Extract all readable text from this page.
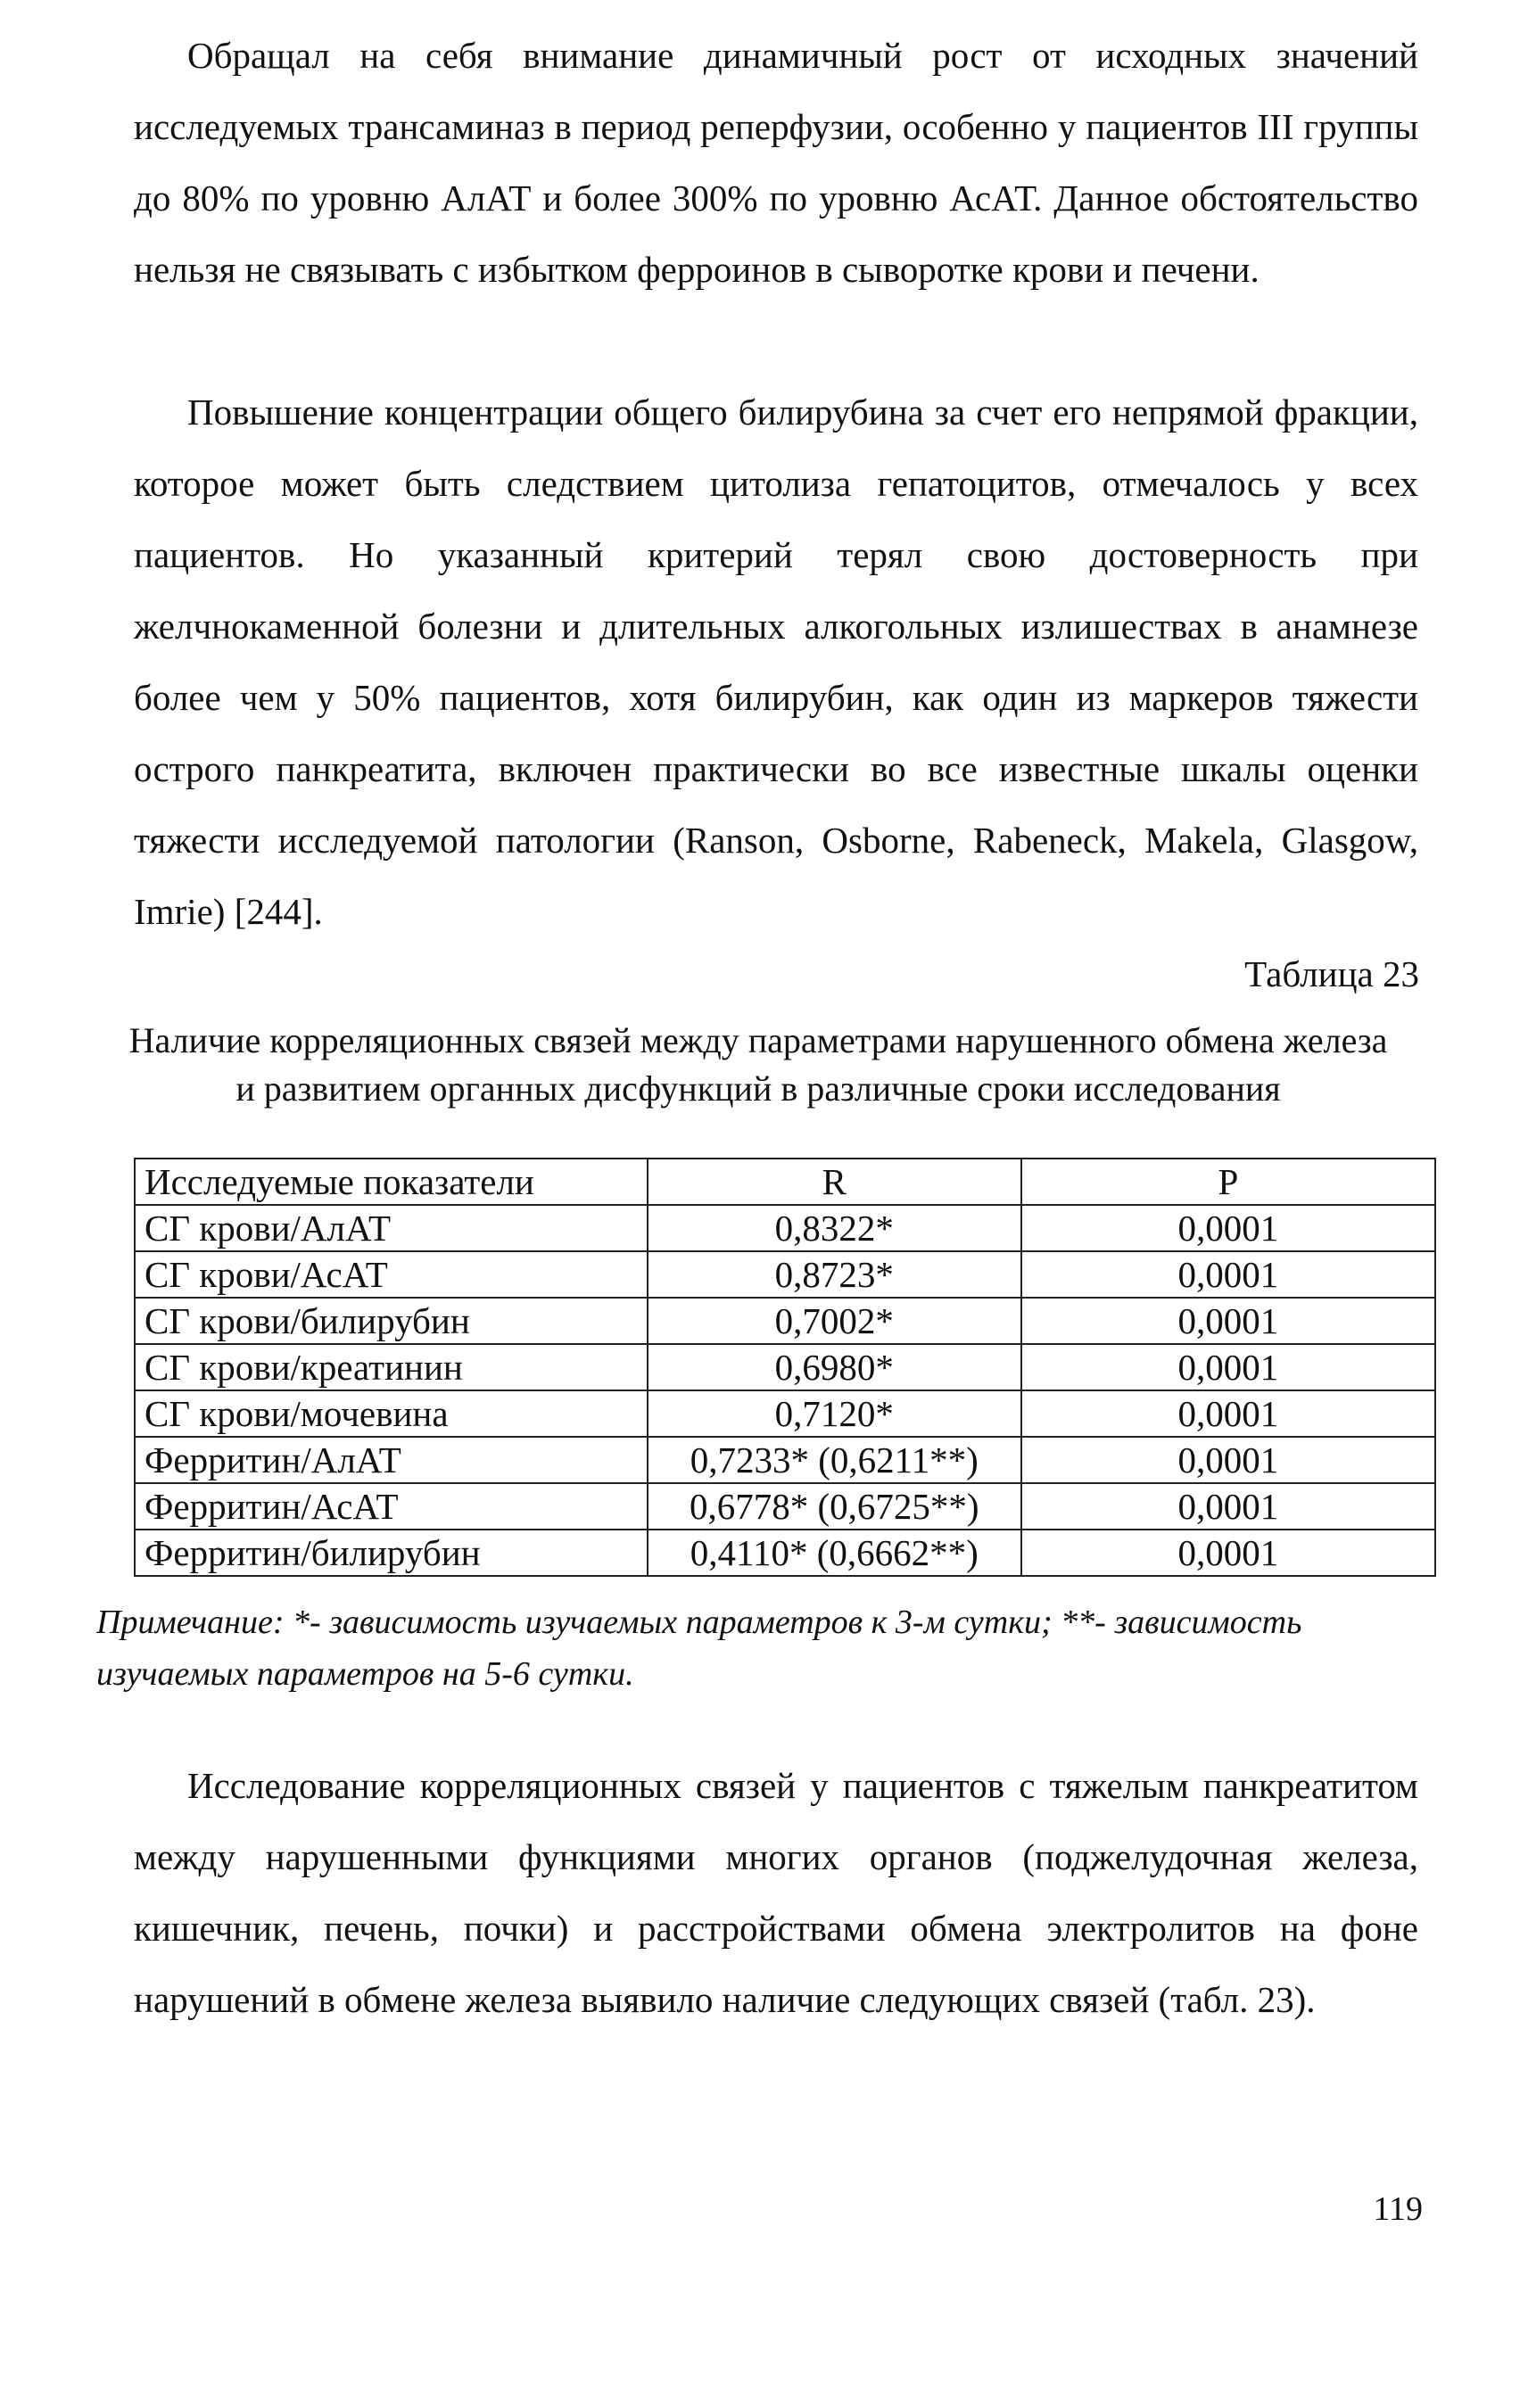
Обращал на себя внимание динамичный рост от исходных значений исследуемых трансаминаз в период реперфузии, особенно у пациентов III группы до 80% по уровню АлАТ и более 300% по уровню АсАТ. Данное обстоятельство нельзя не связывать с избытком ферроинов в сыворотке крови и печени.

Повышение концентрации общего билирубина за счет его непрямой фракции, которое может быть следствием цитолиза гепатоцитов, отмечалось у всех пациентов. Но указанный критерий терял свою достоверность при желчнокаменной болезни и длительных алкогольных излишествах в анамнезе более чем у 50% пациентов, хотя билирубин, как один из маркеров тяжести острого панкреатита, включен практически во все известные шкалы оценки тяжести исследуемой патологии (Ranson, Osborne, Rabeneck, Makela, Glasgow, Imrie) [244].

Таблица 23

Наличие корреляционных связей между параметрами нарушенного обмена железа и развитием органных дисфункций в различные сроки исследования

Исследуемые показатели	R	P
СГ крови/АлАТ	0,8322*	0,0001
СГ крови/АсАТ	0,8723*	0,0001
СГ крови/билирубин	0,7002*	0,0001
СГ крови/креатинин	0,6980*	0,0001
СГ крови/мочевина	0,7120*	0,0001
Ферритин/АлАТ	0,7233* (0,6211**)	0,0001
Ферритин/АсАТ	0,6778* (0,6725**)	0,0001
Ферритин/билирубин	0,4110* (0,6662**)	0,0001

Примечание: *- зависимость изучаемых параметров к 3-м сутки; **- зависимость изучаемых параметров на 5-6 сутки.

Исследование корреляционных связей у пациентов с тяжелым панкреатитом между нарушенными функциями многих органов (поджелудочная железа, кишечник, печень, почки) и расстройствами обмена электролитов на фоне нарушений в обмене железа выявило наличие следующих связей (табл. 23).

119
